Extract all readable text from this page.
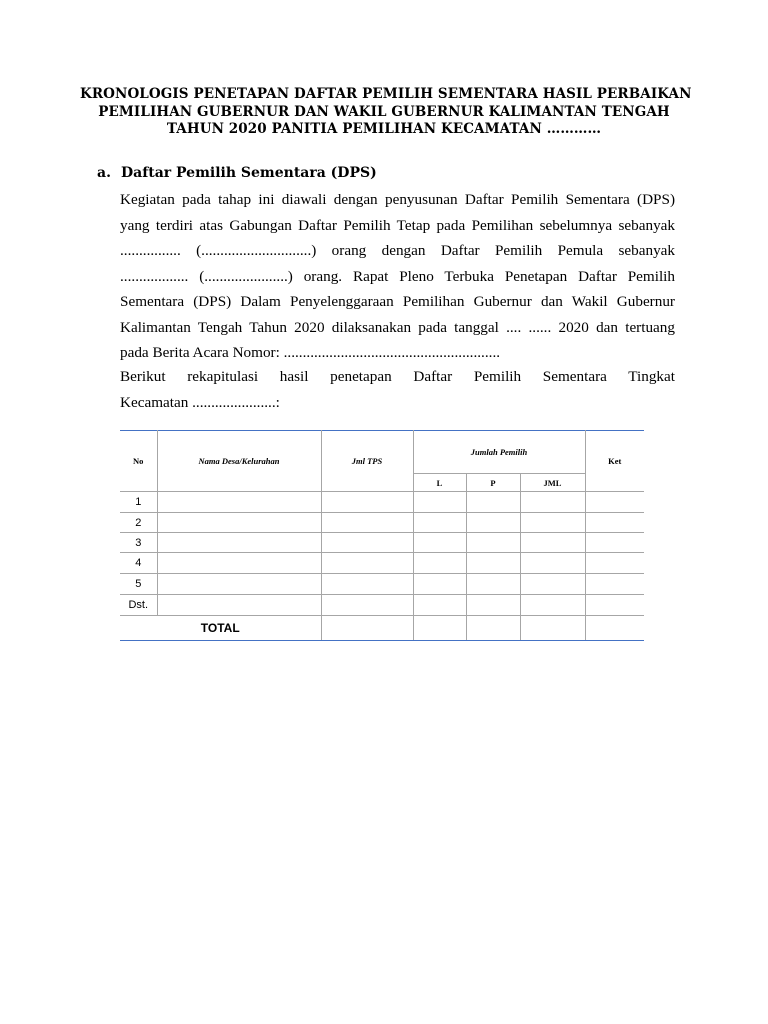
KRONOLOGIS PENETAPAN DAFTAR PEMILIH SEMENTARA HASIL PERBAIKAN
PEMILIHAN GUBERNUR DAN WAKIL GUBERNUR KALIMANTAN TENGAH
TAHUN 2020 PANITIA PEMILIHAN KECAMATAN …………
a. Daftar Pemilih Sementara (DPS)
Kegiatan pada tahap ini diawali dengan penyusunan Daftar Pemilih Sementara (DPS)
yang terdiri atas Gabungan Daftar Pemilih Tetap pada Pemilihan sebelumnya sebanyak
................ (.............................) orang dengan Daftar Pemilih Pemula sebanyak
.................. (......................) orang. Rapat Pleno Terbuka Penetapan Daftar Pemilih
Sementara (DPS) Dalam Penyelenggaraan Pemilihan Gubernur dan Wakil Gubernur
Kalimantan Tengah Tahun 2020 dilaksanakan pada tanggal .... ...... 2020 dan tertuang
pada Berita Acara Nomor: .........................................................
Berikut rekapitulasi hasil penetapan Daftar Pemilih Sementara Tingkat
Kecamatan ......................:
No	Nama Desa/Kelurahan	Jml TPS	Jumlah Pemilih			Ket
			L	P	JML	
1						
2						
3						
4						
5						
Dst.						
TOTAL						
